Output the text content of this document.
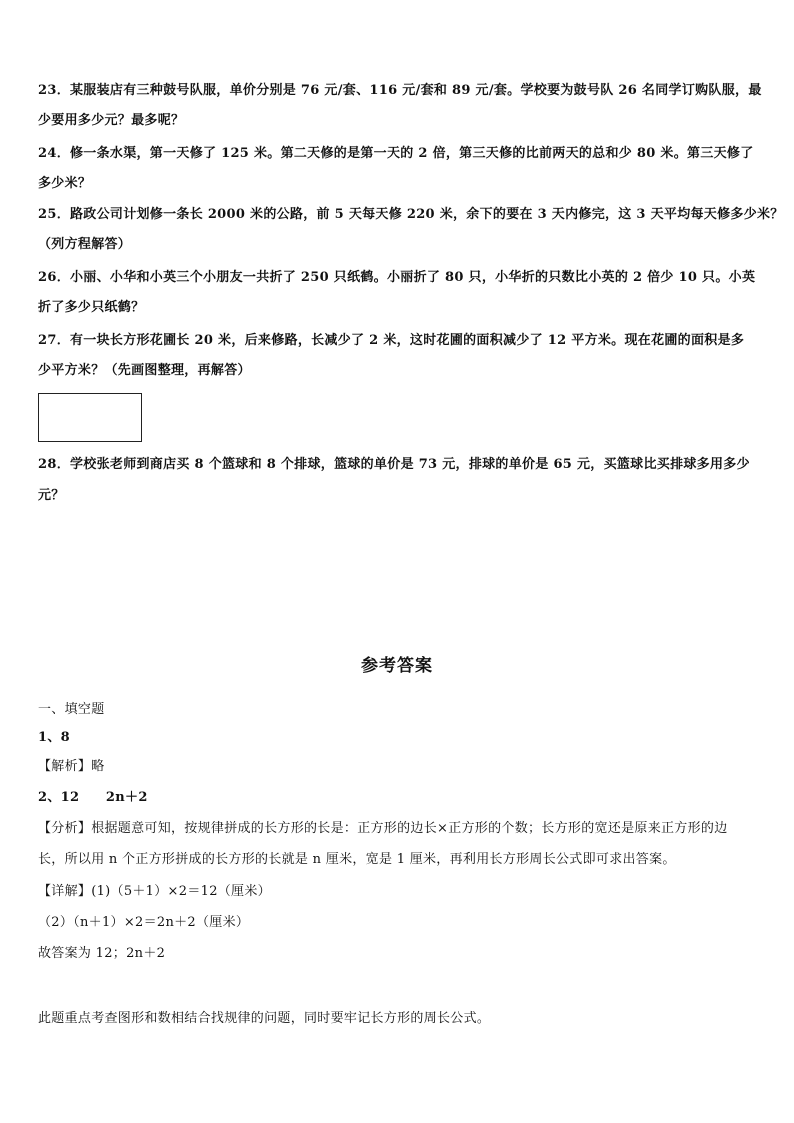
23．某服装店有三种鼓号队服，单价分别是 76 元/套、116 元/套和 89 元/套。学校要为鼓号队 26 名同学订购队服，最
少要用多少元？最多呢？
24．修一条水渠，第一天修了 125 米。第二天修的是第一天的 2 倍，第三天修的比前两天的总和少 80 米。第三天修了
多少米？
25．路政公司计划修一条长 2000 米的公路，前 5 天每天修 220 米，余下的要在 3 天内修完，这 3 天平均每天修多少米？
（列方程解答）
26．小丽、小华和小英三个小朋友一共折了 250 只纸鹤。小丽折了 80 只，小华折的只数比小英的 2 倍少 10 只。小英
折了多少只纸鹤？
27．有一块长方形花圃长 20 米，后来修路，长减少了 2 米，这时花圃的面积减少了 12 平方米。现在花圃的面积是多
少平方米？（先画图整理，再解答）
28．学校张老师到商店买 8 个篮球和 8 个排球，篮球的单价是 73 元，排球的单价是 65 元，买篮球比买排球多用多少
元？
参考答案
一、填空题
1、8
【解析】略
2、12　　2n＋2
【分析】根据题意可知，按规律拼成的长方形的长是：正方形的边长×正方形的个数；长方形的宽还是原来正方形的边
长，所以用 n 个正方形拼成的长方形的长就是 n 厘米，宽是 1 厘米，再利用长方形周长公式即可求出答案。
【详解】(1)（5＋1）×2＝12（厘米）
（2）（n＋1）×2＝2n＋2（厘米）
故答案为 12；2n＋2
此题重点考查图形和数相结合找规律的问题，同时要牢记长方形的周长公式。
